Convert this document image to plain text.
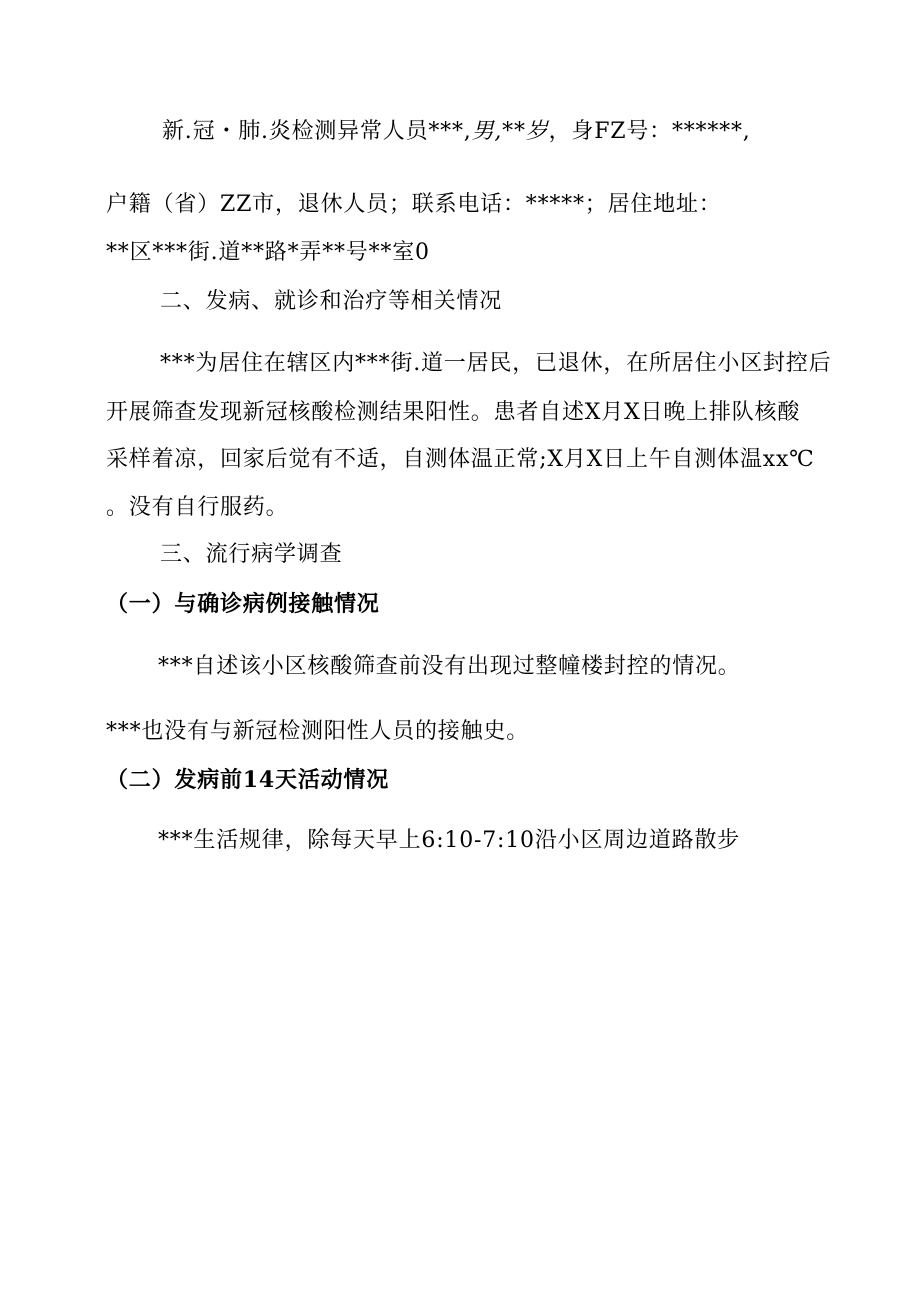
新.冠・肺.炎检测异常人员***,男,**岁，身FZ号：******,
户籍（省）ZZ市，退休人员；联系电话：*****；居住地址：
**区***街.道**路*弄**号**室0
二、发病、就诊和治疗等相关情况
***为居住在辖区内***街.道一居民，已退休，在所居住小区封控后
开展筛查发现新冠核酸检测结果阳性。患者自述X月X日晚上排队核酸
采样着凉，回家后觉有不适，自测体温正常;X月X日上午自测体温xx℃
。没有自行服药。
三、流行病学调查
（一）与确诊病例接触情况
***自述该小区核酸筛查前没有出现过整幢楼封控的情况。
***也没有与新冠检测阳性人员的接触史。
（二）发病前14天活动情况
***生活规律，除每天早上6:10-7:10沿小区周边道路散步
